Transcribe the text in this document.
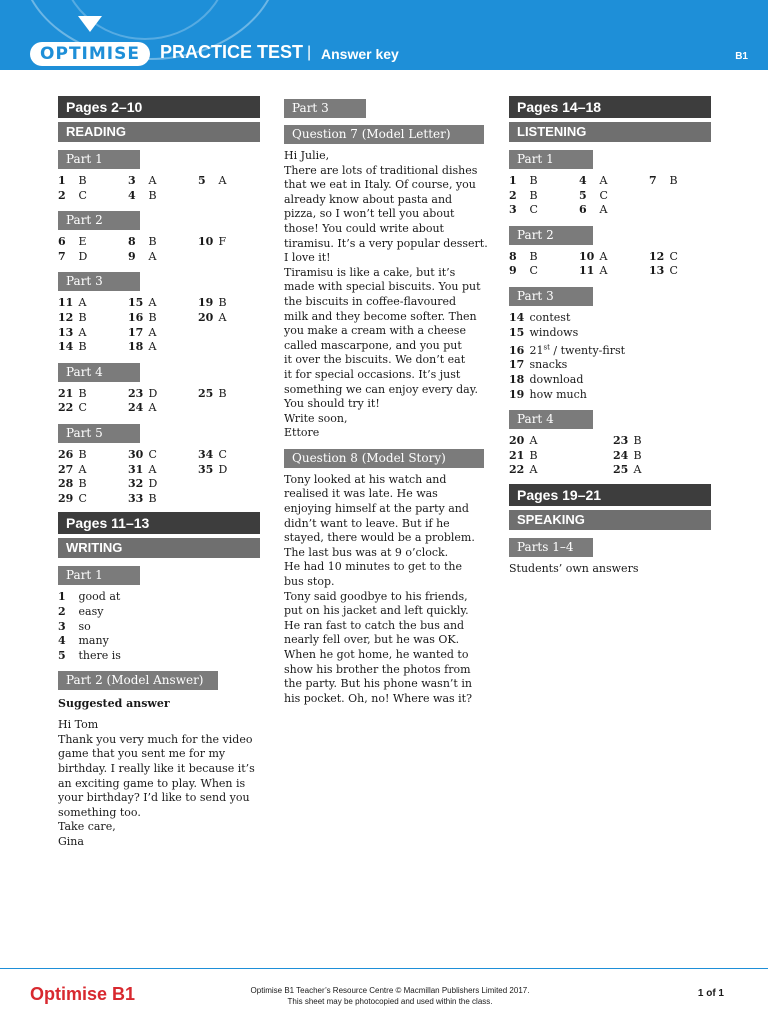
OPTIMISE PRACTICE TEST | Answer key	B1
Pages 2–10
READING
Part 1
1 B	3 A	5 A
2 C	4 B
Part 2
6 E	8 B	10 F
7 D	9 A
Part 3
11 A	15 A	19 B
12 B	16 B	20 A
13 A	17 A
14 B	18 A
Part 4
21 B	23 D	25 B
22 C	24 A
Part 5
26 B	30 C	34 C
27 A	31 A	35 D
28 B	32 D
29 C	33 B
Pages 11–13
WRITING
Part 1
1 good at
2 easy
3 so
4 many
5 there is
Part 2 (Model Answer)
Suggested answer
Hi Tom
Thank you very much for the video
game that you sent me for my
birthday. I really like it because it’s
an exciting game to play. When is
your birthday? I’d like to send you
something too.
Take care,
Gina
Part 3 Question 7 (Model Letter)
Hi Julie,
There are lots of traditional dishes
that we eat in Italy. Of course, you
already know about pasta and
pizza, so I won’t tell you about
those! You could write about
tiramisu. It’s a very popular dessert.
I love it!
Tiramisu is like a cake, but it’s
made with special biscuits. You put
the biscuits in coffee-flavoured
milk and they become softer. Then
you make a cream with a cheese
called mascarpone, and you put
it over the biscuits. We don’t eat
it for special occasions. It’s just
something we can enjoy every day.
You should try it!
Write soon,
Ettore
Question 8 (Model Story)
Tony looked at his watch and
realised it was late. He was
enjoying himself at the party and
didn’t want to leave. But if he
stayed, there would be a problem.
The last bus was at 9 o’clock.
He had 10 minutes to get to the
bus stop.
Tony said goodbye to his friends,
put on his jacket and left quickly.
He ran fast to catch the bus and
nearly fell over, but he was OK.
When he got home, he wanted to
show his brother the photos from
the party. But his phone wasn’t in
his pocket. Oh, no! Where was it?
Pages 14–18
LISTENING
Part 1
1 B	4 A	7 B
2 B	5 C
3 C	6 A
Part 2
8 B	10 A	12 C
9 C	11 A	13 C
Part 3
14 contest
15 windows
16 21st / twenty-first
17 snacks
18 download
19 how much
Part 4
20 A	23 B
21 B	24 B
22 A	25 A
Pages 19–21
SPEAKING
Parts 1–4
Students’ own answers
Optimise B1	Optimise B1 Teacher’s Resource Centre © Macmillan Publishers Limited 2017.
This sheet may be photocopied and used within the class.
1 of 1
